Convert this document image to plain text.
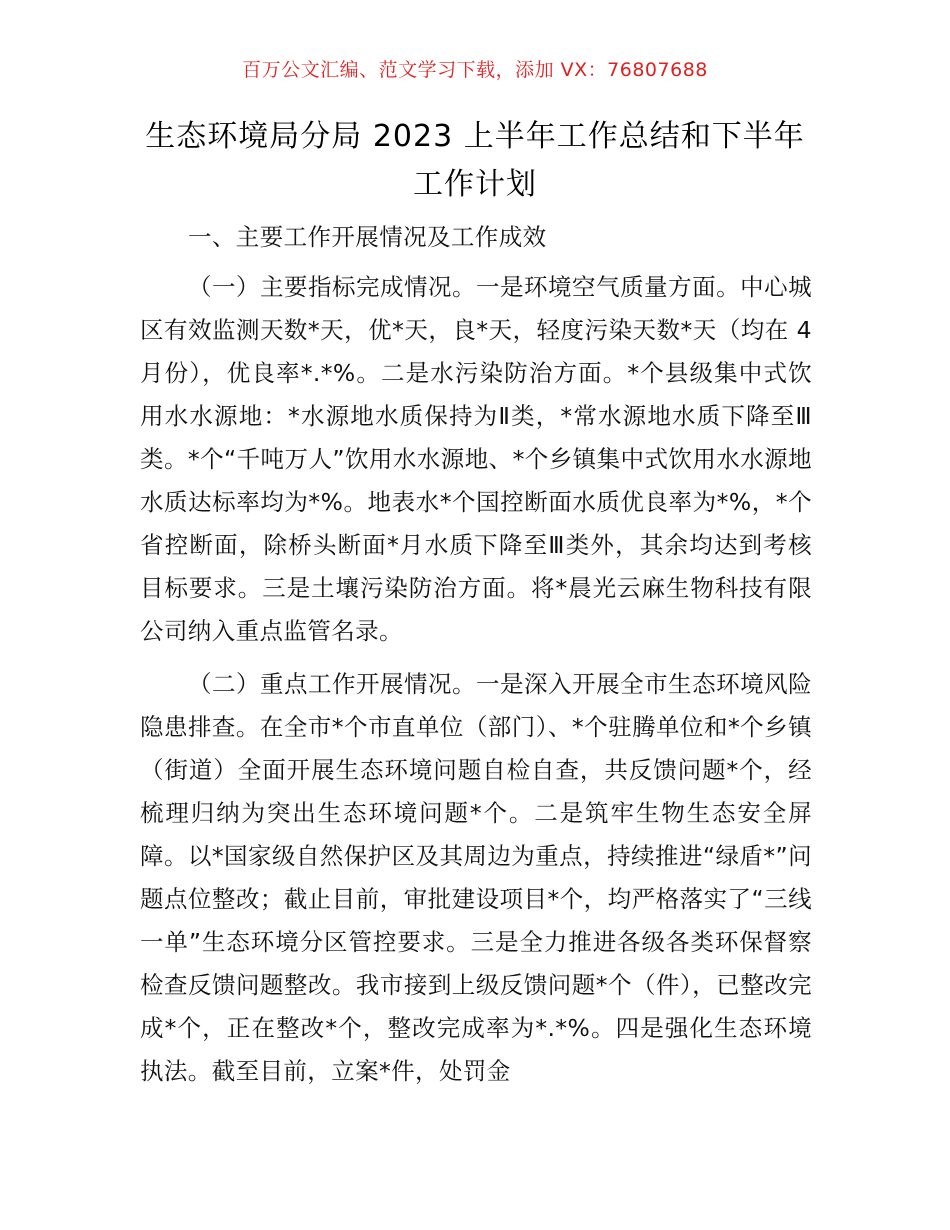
百万公文汇编、范文学习下载，添加 VX：76807688
生态环境局分局 2023 上半年工作总结和下半年工作计划
一、主要工作开展情况及工作成效
（一）主要指标完成情况。一是环境空气质量方面。中心城区有效监测天数*天，优*天，良*天，轻度污染天数*天（均在 4 月份），优良率*.*%。二是水污染防治方面。*个县级集中式饮用水水源地：*水源地水质保持为Ⅱ类，*常水源地水质下降至Ⅲ类。*个“千吨万人”饮用水水源地、*个乡镇集中式饮用水水源地水质达标率均为*%。地表水*个国控断面水质优良率为*%，*个省控断面，除桥头断面*月水质下降至Ⅲ类外，其余均达到考核目标要求。三是土壤污染防治方面。将*晨光云麻生物科技有限公司纳入重点监管名录。
（二）重点工作开展情况。一是深入开展全市生态环境风险隐患排查。在全市*个市直单位（部门）、*个驻腾单位和*个乡镇（街道）全面开展生态环境问题自检自查，共反馈问题*个，经梳理归纳为突出生态环境问题*个。二是筑牢生物生态安全屏障。以*国家级自然保护区及其周边为重点，持续推进“绿盾*”问题点位整改；截止目前，审批建设项目*个，均严格落实了“三线一单”生态环境分区管控要求。三是全力推进各级各类环保督察检查反馈问题整改。我市接到上级反馈问题*个（件），已整改完成*个，正在整改*个，整改完成率为*.*%。四是强化生态环境执法。截至目前，立案*件，处罚金
